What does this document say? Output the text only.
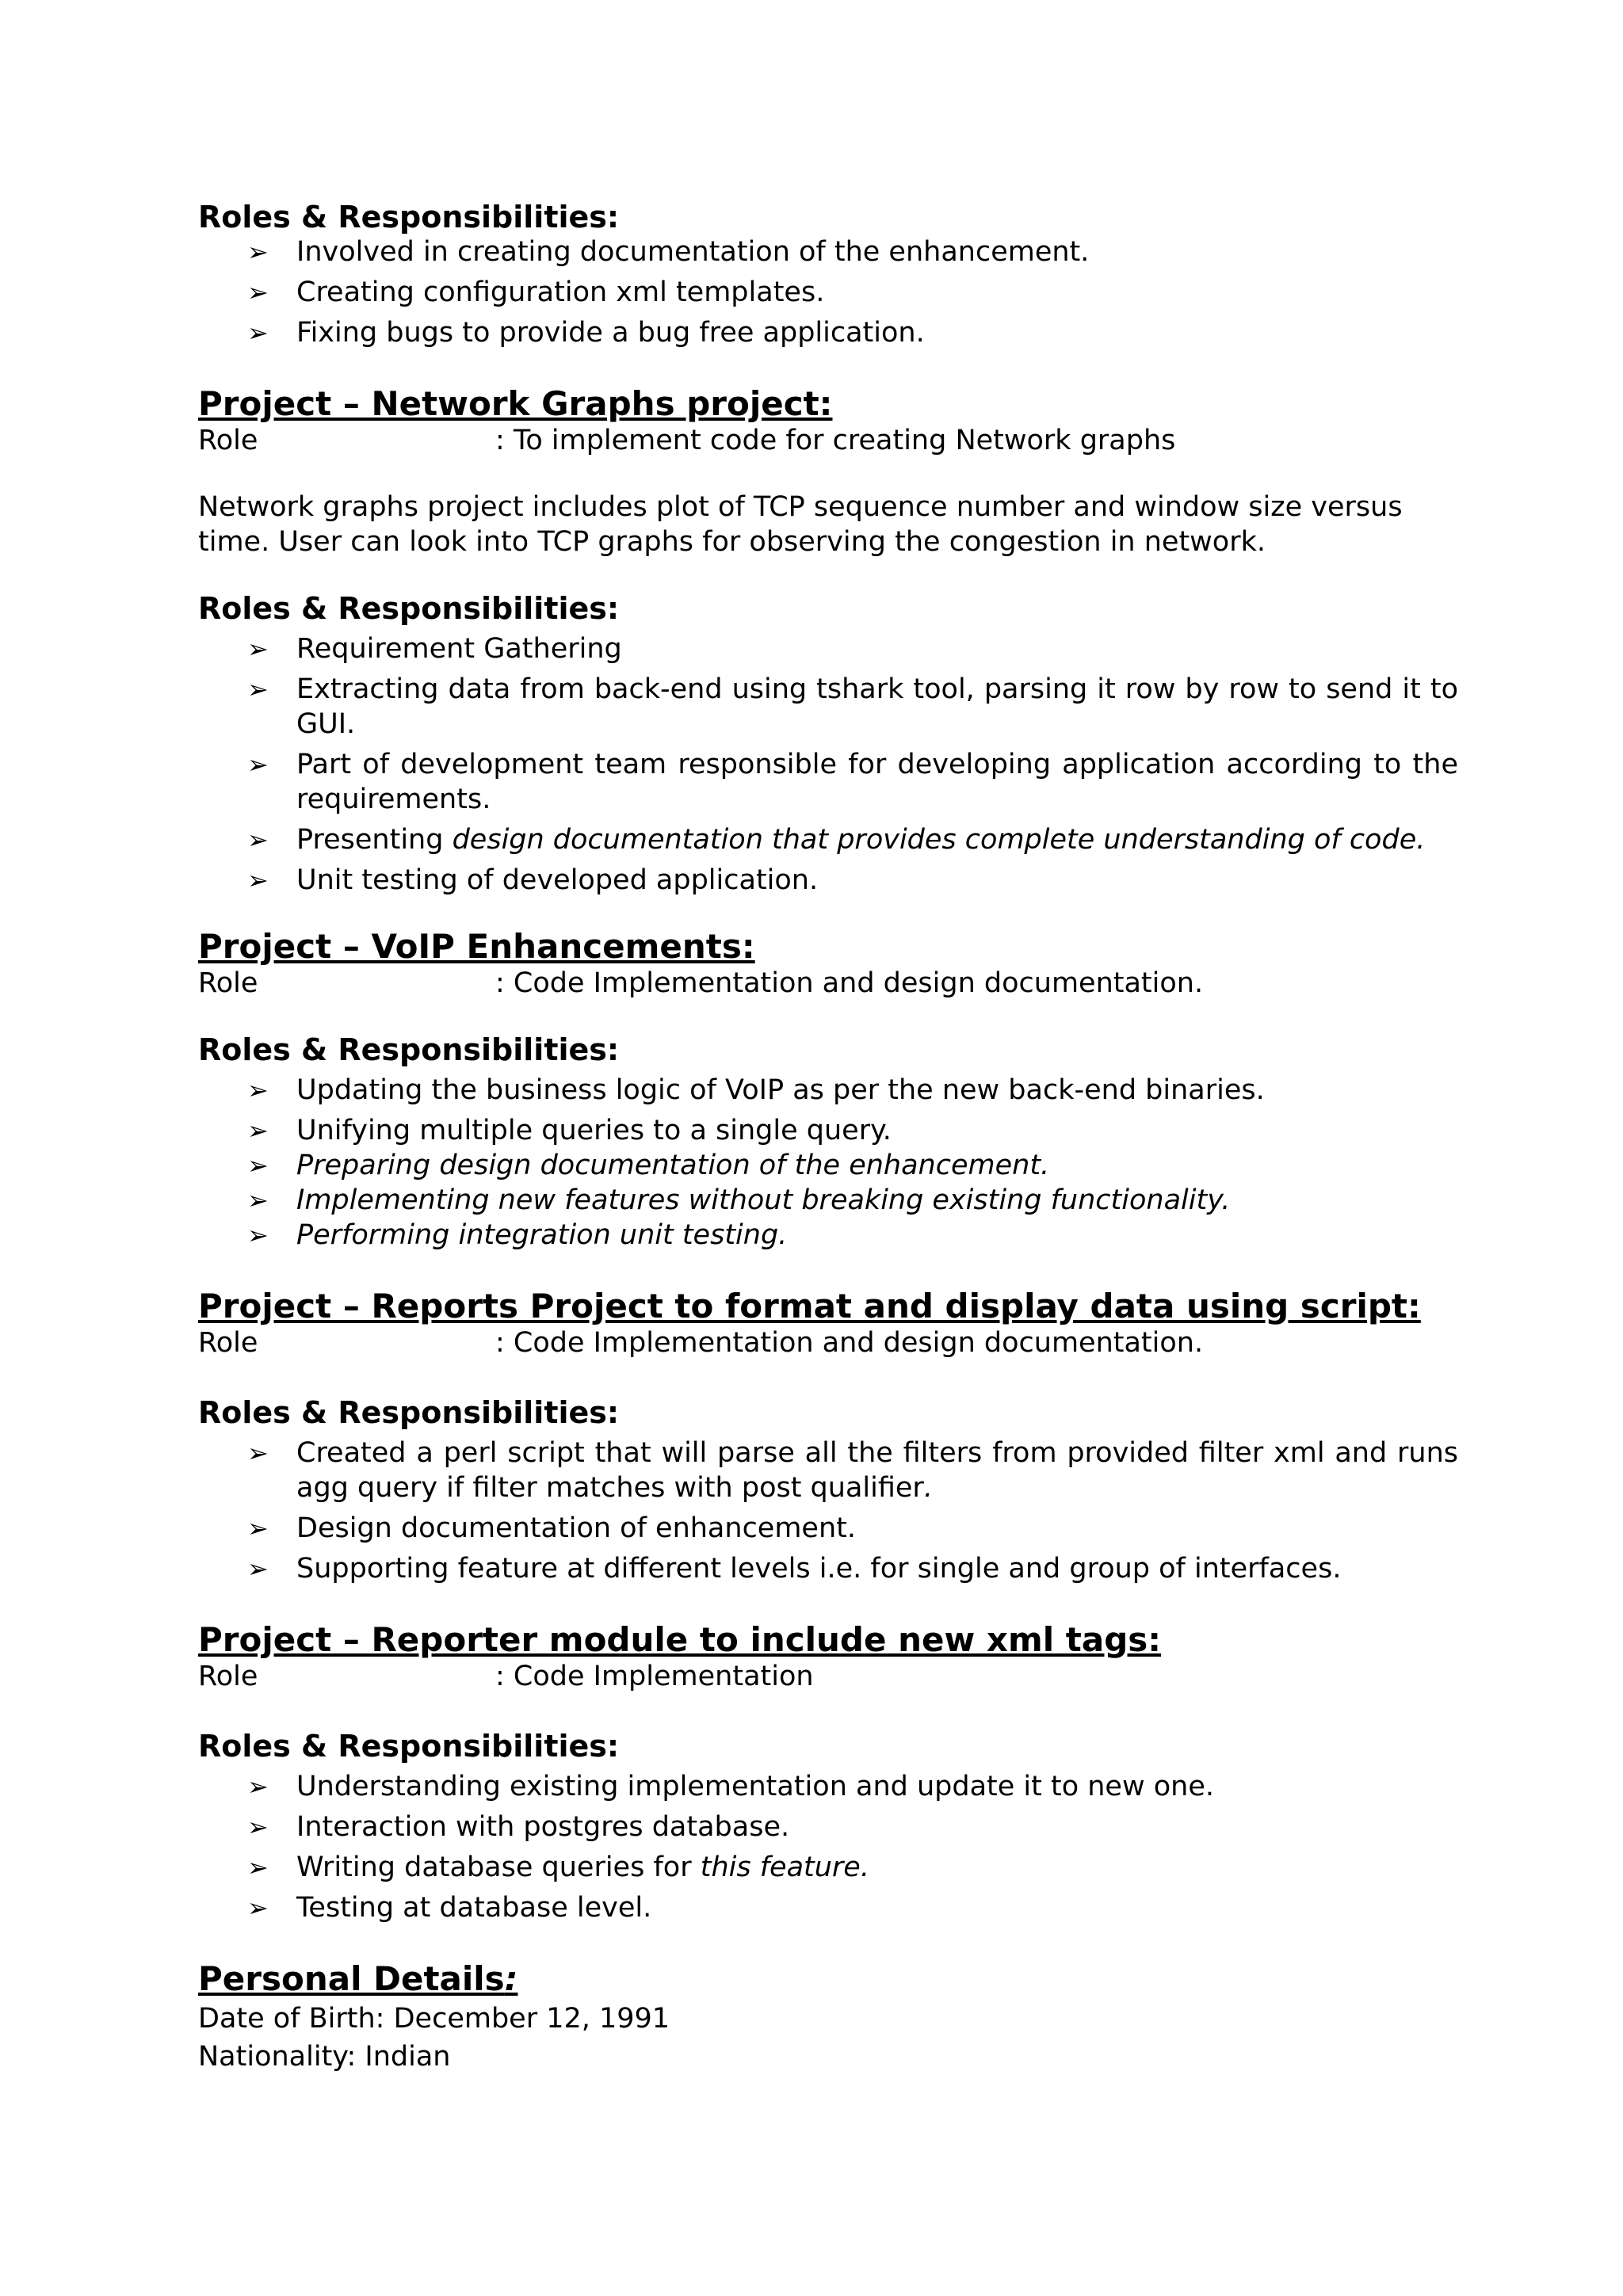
Roles & Responsibilities:
➢ Involved in creating documentation of the enhancement.
➢ Creating configuration xml templates.
➢ Fixing bugs to provide a bug free application.
Project – Network Graphs project:
Role	: To implement code for creating Network graphs

Network graphs project includes plot of TCP sequence number and window size versus time. User can look into TCP graphs for observing the congestion in network.

Roles & Responsibilities:
➢ Requirement Gathering
➢ Extracting data from back-end using tshark tool, parsing it row by row to send it to GUI.
➢ Part of development team responsible for developing application according to the requirements.
➢ Presenting design documentation that provides complete understanding of code.
➢ Unit testing of developed application.
Project – VoIP Enhancements:
Role	: Code Implementation and design documentation.
Roles & Responsibilities:
➢ Updating the business logic of VoIP as per the new back-end binaries.
➢ Unifying multiple queries to a single query.
➢ Preparing design documentation of the enhancement.
➢ Implementing new features without breaking existing functionality.
➢ Performing integration unit testing.
Project – Reports Project to format and display data using script:
Role	: Code Implementation and design documentation.
Roles & Responsibilities:
➢ Created a perl script that will parse all the filters from provided filter xml and runs agg query if filter matches with post qualifier.
➢ Design documentation of enhancement.
➢ Supporting feature at different levels i.e. for single and group of interfaces.
Project – Reporter module to include new xml tags:
Role	: Code Implementation
Roles & Responsibilities:
➢ Understanding existing implementation and update it to new one.
➢ Interaction with postgres database.
➢ Writing database queries for this feature.
➢ Testing at database level.
Personal Details:
Date of Birth: December 12, 1991
Nationality: Indian
